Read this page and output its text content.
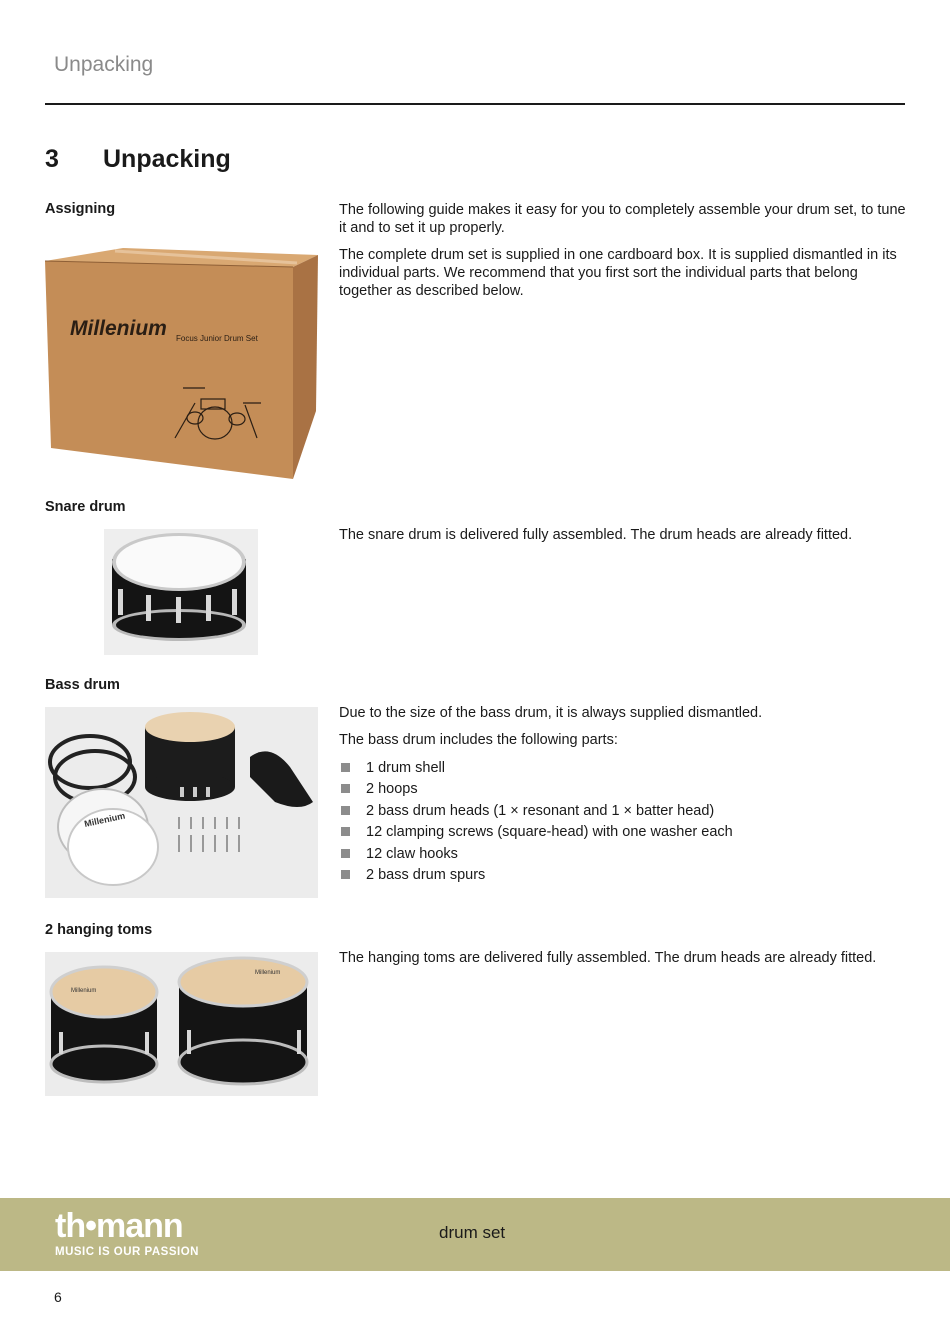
Unpacking
3 Unpacking
Assigning	The following guide makes it easy for you to completely assemble your drum set, to tune it and to set it up properly.

The complete drum set is supplied in one cardboard box. It is supplied dismantled in its individual parts. We recommend that you first sort the individual parts that belong together as described below.

Millenium Focus Junior Drum Set
Snare drum

The snare drum is delivered fully assembled. The drum heads are already fitted.

Bass drum

Due to the size of the bass drum, it is always supplied dismantled.

The bass drum includes the following parts:

1 drum shell
2 hoops
2 bass drum heads (1 × resonant and 1 × batter head)
12 clamping screws (square-head) with one washer each
12 claw hooks
2 bass drum spurs
Millenium
2 hanging toms

The hanging toms are delivered fully assembled. The drum heads are already fitted.

Millenium
Millenium
th•mann
MUSIC IS OUR PASSION
drum set
6
